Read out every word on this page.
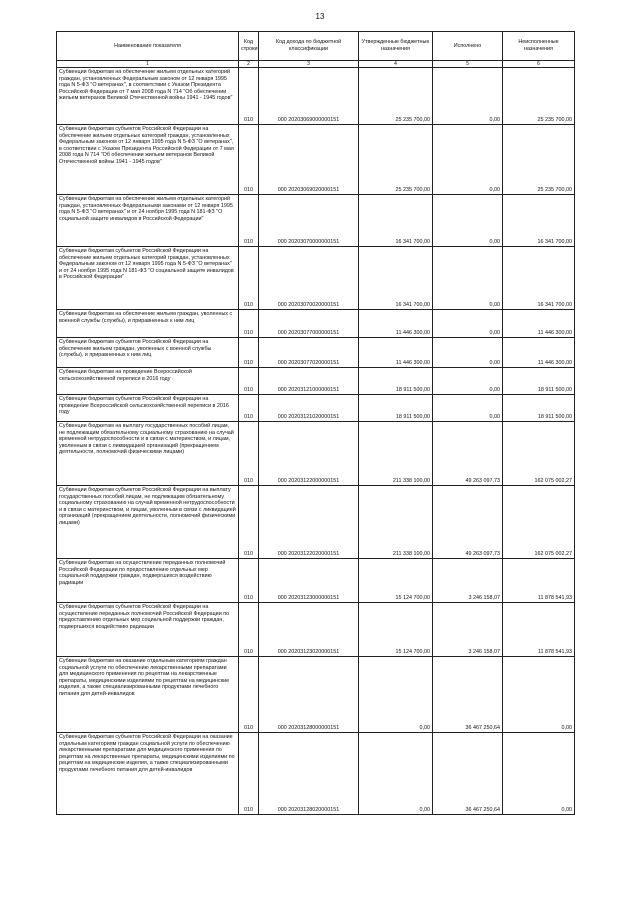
13
Наименование показателя	Код строки	Код дохода по бюджетной классификации	Утвержденные бюджетные назначения	Исполнено	Неисполненные назначения
1	2	3	4	5	6
Субвенции бюджетам на обеспечение жильем отдельных категорий граждан, установленных Федеральным законом от 12 января 1995 года N 5-ФЗ "О ветеранах", в соответствии с Указом Президента Российской Федерации от 7 мая 2008 года N 714 "Об обеспечении жильем ветеранов Великой Отечественной войны 1941 - 1945 годов"	010	000 20203069000000151	25 235 700,00	0,00	25 235 700,00
Субвенции бюджетам субъектов Российской Федерации на обеспечение жильем отдельных категорий граждан, установленных Федеральным законом от 12 января 1995 года N 5-ФЗ "О ветеранах", в соответствии с Указом Президента Российской Федерации от 7 мая 2008 года N 714 "Об обеспечении жильем ветеранов Великой Отечественной войны 1941 - 1945 годов"	010	000 20203069020000151	25 235 700,00	0,00	25 235 700,00
Субвенции бюджетам на обеспечение жильем отдельных категорий граждан, установленных Федеральными законами от 12 января 1995 года N 5-ФЗ "О ветеранах" и от 24 ноября 1995 года N 181-ФЗ "О социальной защите инвалидов в Российской Федерации"	010	000 20203070000000151	16 341 700,00	0,00	16 341 700,00
Субвенции бюджетам субъектов Российской Федерации на обеспечение жильем отдельных категорий граждан, установленных Федеральным законом от 12 января 1995 года N 5-ФЗ "О ветеранах" и от 24 ноября 1995 года N 181-ФЗ "О социальной защите инвалидов в Российской Федерации"	010	000 20203070020000151	16 341 700,00	0,00	16 341 700,00
Субвенции бюджетам на обеспечение жильем граждан, уволенных с военной службы (службы), и приравненных к ним лиц	010	000 20203077000000151	11 446 300,00	0,00	11 446 300,00
Субвенции бюджетам субъектов Российской Федерации на обеспечение жильем граждан, уволенных с военной службы (службы), и приравненных к ним лиц	010	000 20203077020000151	11 446 300,00	0,00	11 446 300,00
Субвенции бюджетам на проведение Всероссийской сельскохозяйственной переписи в 2016 году	010	000 20203121000000151	18 911 500,00	0,00	18 911 500,00
Субвенции бюджетам субъектов Российской Федерации на проведение Всероссийской сельскохозяйственной переписи в 2016 году	010	000 20203121020000151	18 911 500,00	0,00	18 911 500,00
Субвенции бюджетам на выплату государственных пособий лицам, не подлежащим обязательному социальному страхованию на случай временной нетрудоспособности и в связи с материнством, и лицам, уволенным в связи с ликвидацией организаций (прекращением деятельности, полномочий физическими лицами)	010	000 20203122000000151	211 338 100,00	49 263 097,73	162 075 002,27
Субвенции бюджетам субъектов Российской Федерации на выплату государственных пособий лицам, не подлежащим обязательному социальному страхованию на случай временной нетрудоспособности и в связи с материнством, и лицам, уволенным в связи с ликвидацией организаций (прекращением деятельности, полномочий физическими лицами)	010	000 20203122020000151	211 338 100,00	49 263 097,73	162 075 002,27
Субвенции бюджетам на осуществление переданных полномочий Российской Федерации по предоставлению отдельных мер социальной поддержки граждан, подвергшихся воздействию радиации	010	000 20203123000000151	15 124 700,00	3 246 158,07	11 878 541,93
Субвенции бюджетам субъектов Российской Федерации на осуществление переданных полномочий Российской Федерации по предоставлению отдельных мер социальной поддержки граждан, подвергшихся воздействию радиации	010	000 20203123020000151	15 124 700,00	3 246 158,07	11 878 541,93
Субвенции бюджетам на оказание отдельным категориям граждан социальной услуги по обеспечению лекарственными препаратами для медицинского применения по рецептам на лекарственные препараты, медицинскими изделиями по рецептам на медицинские изделия, а также специализированными продуктами лечебного питания для детей-инвалидов	010	000 20203128000000151	0,00	36 467 250,64	0,00
Субвенции бюджетам субъектов Российской Федерации на оказание отдельным категориям граждан социальной услуги по обеспечению лекарственными препаратами для медицинского применения по рецептам на лекарственные препараты, медицинскими изделиями по рецептам на медицинские изделия, а также специализированными продуктами лечебного питания для детей-инвалидов	010	000 20203128020000151	0,00	36 467 250,64	0,00
